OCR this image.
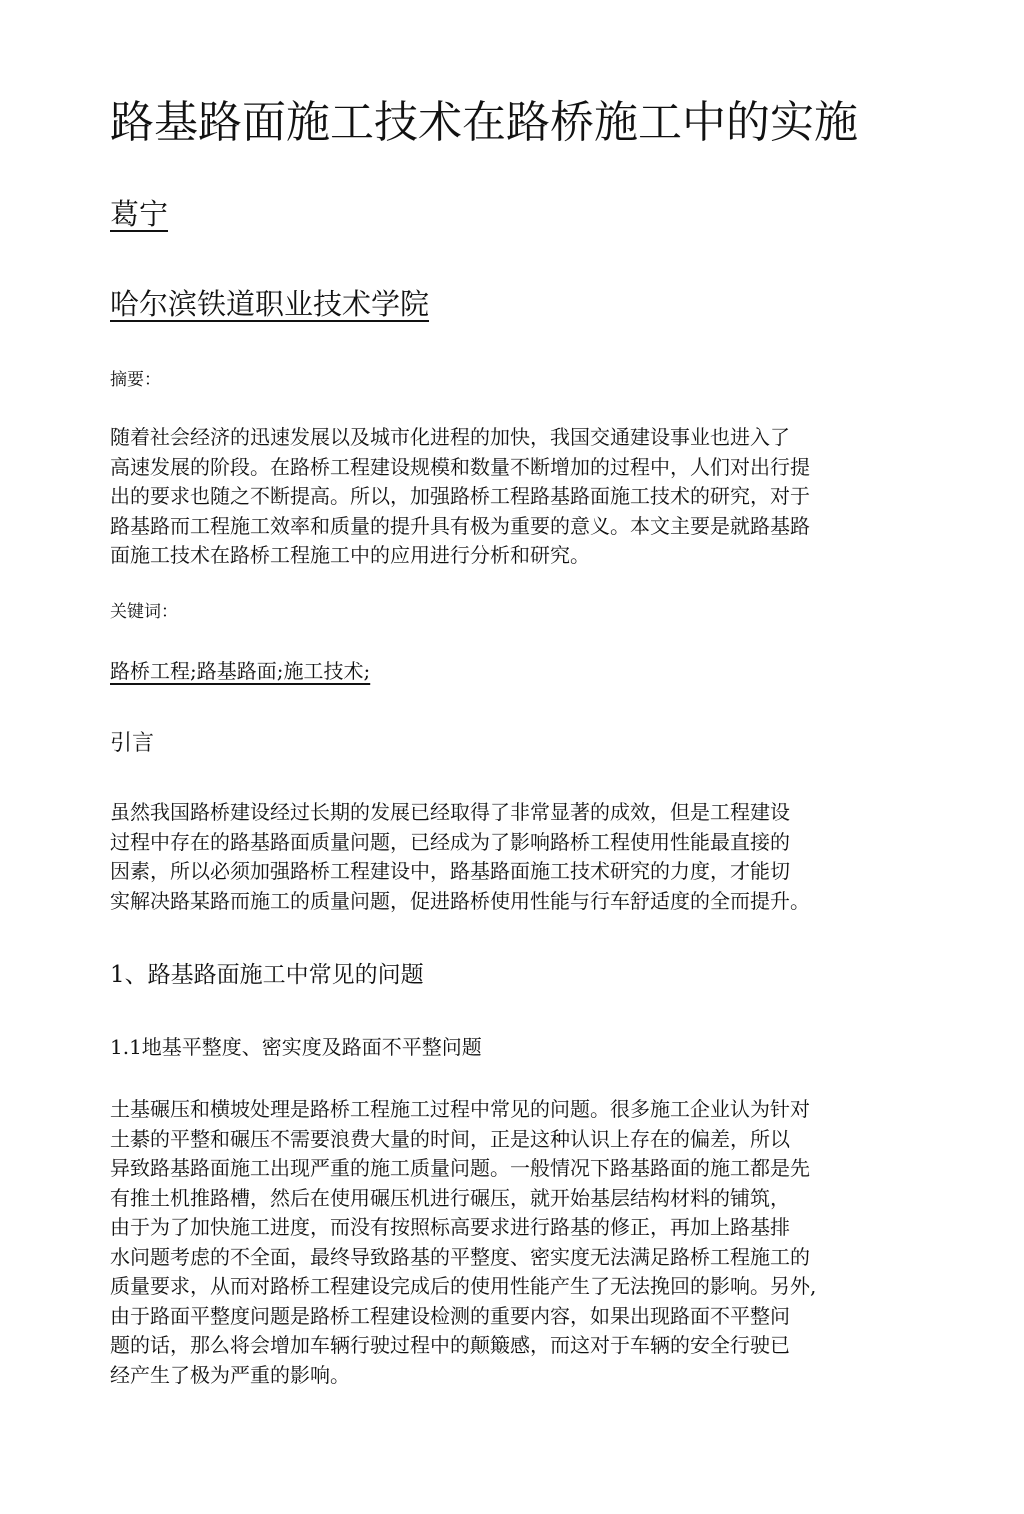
路基路面施工技术在路桥施工中的实施

葛宁

哈尔滨铁道职业技术学院

摘要：

随着社会经济的迅速发展以及城市化进程的加快，我国交通建设事业也进入了
高速发展的阶段。在路桥工程建设规模和数量不断增加的过程中，人们对出行提
出的要求也随之不断提高。所以，加强路桥工程路基路面施工技术的研究，对于
路基路而工程施工效率和质量的提升具有极为重要的意义。本文主要是就路基路
面施工技术在路桥工程施工中的应用进行分析和研究。

关键词：

路桥工程;路基路面;施工技术;

引言
虽然我国路桥建设经过长期的发展已经取得了非常显著的成效，但是工程建设
过程中存在的路基路面质量问题，已经成为了影响路桥工程使用性能最直接的
因素，所以必须加强路桥工程建设中，路基路面施工技术研究的力度，才能切
实解决路某路而施工的质量问题，促进路桥使用性能与行车舒适度的全而提升。
1、路基路面施工中常见的问题
1.1地基平整度、密实度及路面不平整问题
土基碾压和横坡处理是路桥工程施工过程中常见的问题。很多施工企业认为针对
土綦的平整和碾压不需要浪费大量的时间，正是这种认识上存在的偏差，所以
异致路基路面施工出现严重的施工质量问题。一般情况下路基路面的施工都是先
有推土机推路槽，然后在使用碾压机进行碾压，就开始基层结构材料的铺筑，
由于为了加快施工进度，而没有按照标高要求进行路基的修正，再加上路基排
水问题考虑的不全面，最终导致路基的平整度、密实度无法满足路桥工程施工的
质量要求，从而对路桥工程建设完成后的使用性能产生了无法挽回的影响。另外,
由于路面平整度问题是路桥工程建设检测的重要内容，如果出现路面不平整问
题的话，那么将会增加车辆行驶过程中的颠簸感，而这对于车辆的安全行驶已
经产生了极为严重的影响。
